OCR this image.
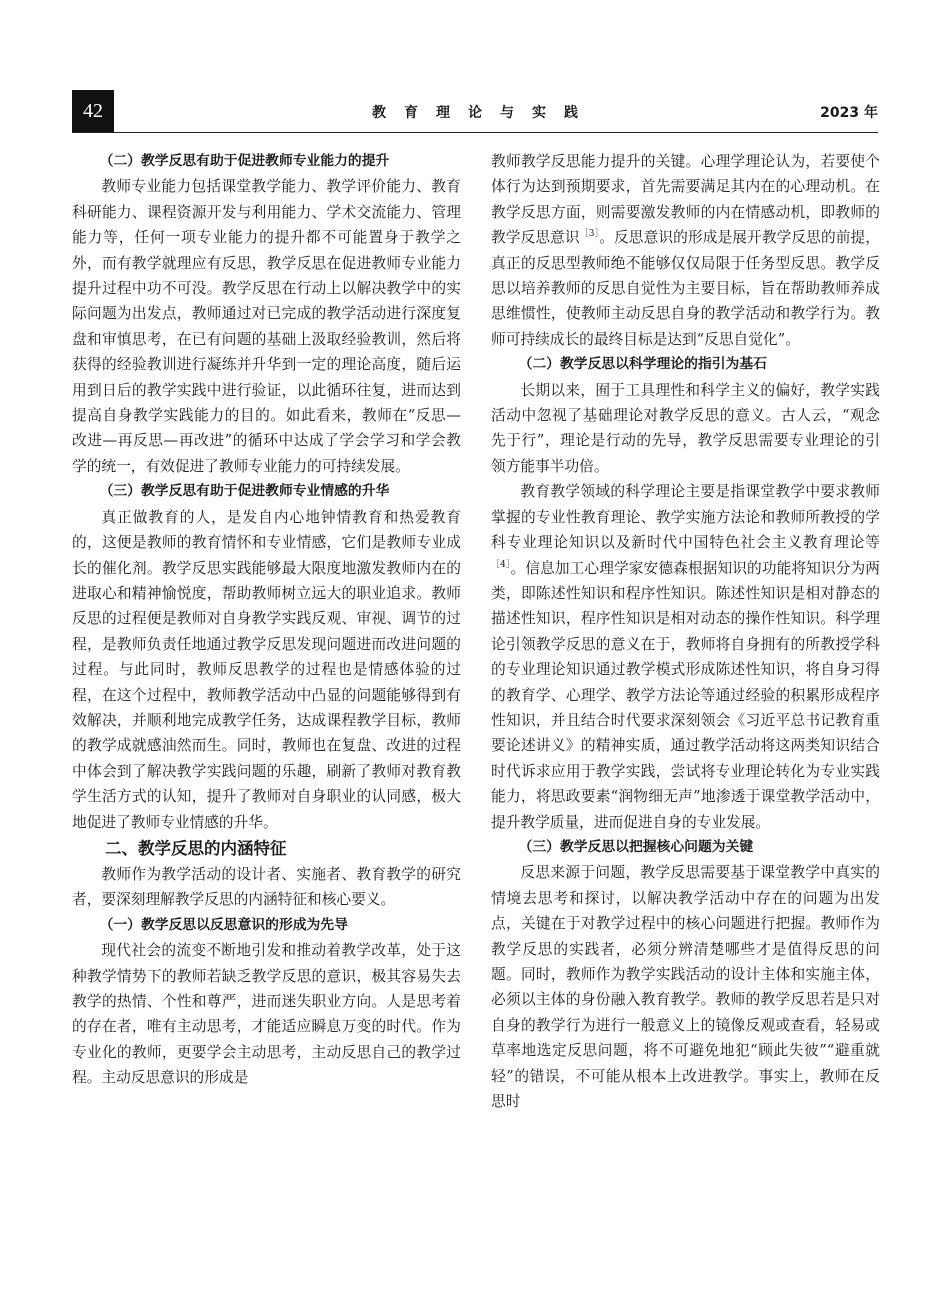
42	教育理论与实践	2023 年
（二）教学反思有助于促进教师专业能力的提升

教师专业能力包括课堂教学能力、教学评价能力、教育科研能力、课程资源开发与利用能力、学术交流能力、管理能力等，任何一项专业能力的提升都不可能置身于教学之外，而有教学就理应有反思，教学反思在促进教师专业能力提升过程中功不可没。教学反思在行动上以解决教学中的实际问题为出发点，教师通过对已完成的教学活动进行深度复盘和审慎思考，在已有问题的基础上汲取经验教训，然后将获得的经验教训进行凝练并升华到一定的理论高度，随后运用到日后的教学实践中进行验证，以此循环往复，进而达到提高自身教学实践能力的目的。如此看来，教师在“反思—改进—再反思—再改进”的循环中达成了学会学习和学会教学的统一，有效促进了教师专业能力的可持续发展。

（三）教学反思有助于促进教师专业情感的升华

真正做教育的人，是发自内心地钟情教育和热爱教育的，这便是教师的教育情怀和专业情感，它们是教师专业成长的催化剂。教学反思实践能够最大限度地激发教师内在的进取心和精神愉悦度，帮助教师树立远大的职业追求。教师反思的过程便是教师对自身教学实践反观、审视、调节的过程，是教师负责任地通过教学反思发现问题进而改进问题的过程。与此同时，教师反思教学的过程也是情感体验的过程，在这个过程中，教师教学活动中凸显的问题能够得到有效解决，并顺利地完成教学任务，达成课程教学目标，教师的教学成就感油然而生。同时，教师也在复盘、改进的过程中体会到了解决教学实践问题的乐趣，刷新了教师对教育教学生活方式的认知，提升了教师对自身职业的认同感，极大地促进了教师专业情感的升华。

二、教学反思的内涵特征

教师作为教学活动的设计者、实施者、教育教学的研究者，要深刻理解教学反思的内涵特征和核心要义。

（一）教学反思以反思意识的形成为先导

现代社会的流变不断地引发和推动着教学改革，处于这种教学情势下的教师若缺乏教学反思的意识，极其容易失去教学的热情、个性和尊严，进而迷失职业方向。人是思考着的存在者，唯有主动思考，才能适应瞬息万变的时代。作为专业化的教师，更要学会主动思考，主动反思自己的教学过程。主动反思意识的形成是

教师教学反思能力提升的关键。心理学理论认为，若要使个体行为达到预期要求，首先需要满足其内在的心理动机。在教学反思方面，则需要激发教师的内在情感动机，即教师的教学反思意识$^{[3]}$。反思意识的形成是展开教学反思的前提，真正的反思型教师绝不能够仅仅局限于任务型反思。教学反思以培养教师的反思自觉性为主要目标，旨在帮助教师养成思维惯性，使教师主动反思自身的教学活动和教学行为。教师可持续成长的最终目标是达到“反思自觉化”。

（二）教学反思以科学理论的指引为基石

长期以来，囿于工具理性和科学主义的偏好，教学实践活动中忽视了基础理论对教学反思的意义。古人云，“观念先于行”，理论是行动的先导，教学反思需要专业理论的引领方能事半功倍。

教育教学领域的科学理论主要是指课堂教学中要求教师掌握的专业性教育理论、教学实施方法论和教师所教授的学科专业理论知识以及新时代中国特色社会主义教育理论等$^{[4]}$。信息加工心理学家安德森根据知识的功能将知识分为两类，即陈述性知识和程序性知识。陈述性知识是相对静态的描述性知识，程序性知识是相对动态的操作性知识。科学理论引领教学反思的意义在于，教师将自身拥有的所教授学科的专业理论知识通过教学模式形成陈述性知识，将自身习得的教育学、心理学、教学方法论等通过经验的积累形成程序性知识，并且结合时代要求深刻领会《习近平总书记教育重要论述讲义》的精神实质，通过教学活动将这两类知识结合时代诉求应用于教学实践，尝试将专业理论转化为专业实践能力，将思政要素“润物细无声”地渗透于课堂教学活动中，提升教学质量，进而促进自身的专业发展。

（三）教学反思以把握核心问题为关键

反思来源于问题，教学反思需要基于课堂教学中真实的情境去思考和探讨，以解决教学活动中存在的问题为出发点，关键在于对教学过程中的核心问题进行把握。教师作为教学反思的实践者，必须分辨清楚哪些才是值得反思的问题。同时，教师作为教学实践活动的设计主体和实施主体，必须以主体的身份融入教育教学。教师的教学反思若是只对自身的教学行为进行一般意义上的镜像反观或查看，轻易或草率地选定反思问题，将不可避免地犯“顾此失彼”“避重就轻”的错误，不可能从根本上改进教学。事实上，教师在反思时
